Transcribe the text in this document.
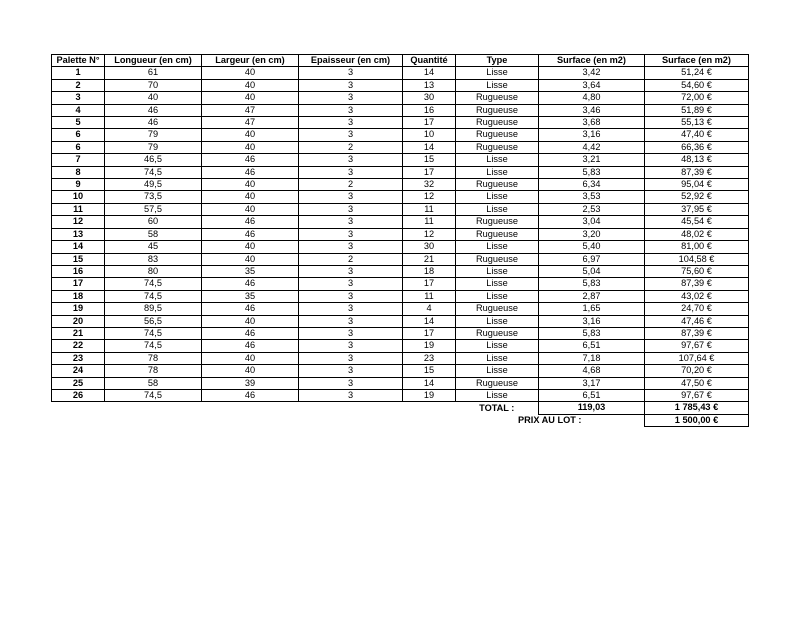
Palette N°	Longueur (en cm)	Largeur (en cm)	Epaisseur (en cm)	Quantité	Type	Surface (en m2)	Surface (en m2)
1	61	40	3	14	Lisse	3,42	51,24 €
2	70	40	3	13	Lisse	3,64	54,60 €
3	40	40	3	30	Rugueuse	4,80	72,00 €
4	46	47	3	16	Rugueuse	3,46	51,89 €
5	46	47	3	17	Rugueuse	3,68	55,13 €
6	79	40	3	10	Rugueuse	3,16	47,40 €
6	79	40	2	14	Rugueuse	4,42	66,36 €
7	46,5	46	3	15	Lisse	3,21	48,13 €
8	74,5	46	3	17	Lisse	5,83	87,39 €
9	49,5	40	2	32	Rugueuse	6,34	95,04 €
10	73,5	40	3	12	Lisse	3,53	52,92 €
11	57,5	40	3	11	Lisse	2,53	37,95 €
12	60	46	3	11	Rugueuse	3,04	45,54 €
13	58	46	3	12	Rugueuse	3,20	48,02 €
14	45	40	3	30	Lisse	5,40	81,00 €
15	83	40	2	21	Rugueuse	6,97	104,58 €
16	80	35	3	18	Lisse	5,04	75,60 €
17	74,5	46	3	17	Lisse	5,83	87,39 €
18	74,5	35	3	11	Lisse	2,87	43,02 €
19	89,5	46	3	4	Rugueuse	1,65	24,70 €
20	56,5	40	3	14	Lisse	3,16	47,46 €
21	74,5	46	3	17	Rugueuse	5,83	87,39 €
22	74,5	46	3	19	Lisse	6,51	97,67 €
23	78	40	3	23	Lisse	7,18	107,64 €
24	78	40	3	15	Lisse	4,68	70,20 €
25	58	39	3	14	Rugueuse	3,17	47,50 €
26	74,5	46	3	19	Lisse	6,51	97,67 €
					TOTAL :	119,03	1 785,43 €
					PRIX AU LOT :		1 500,00 €
